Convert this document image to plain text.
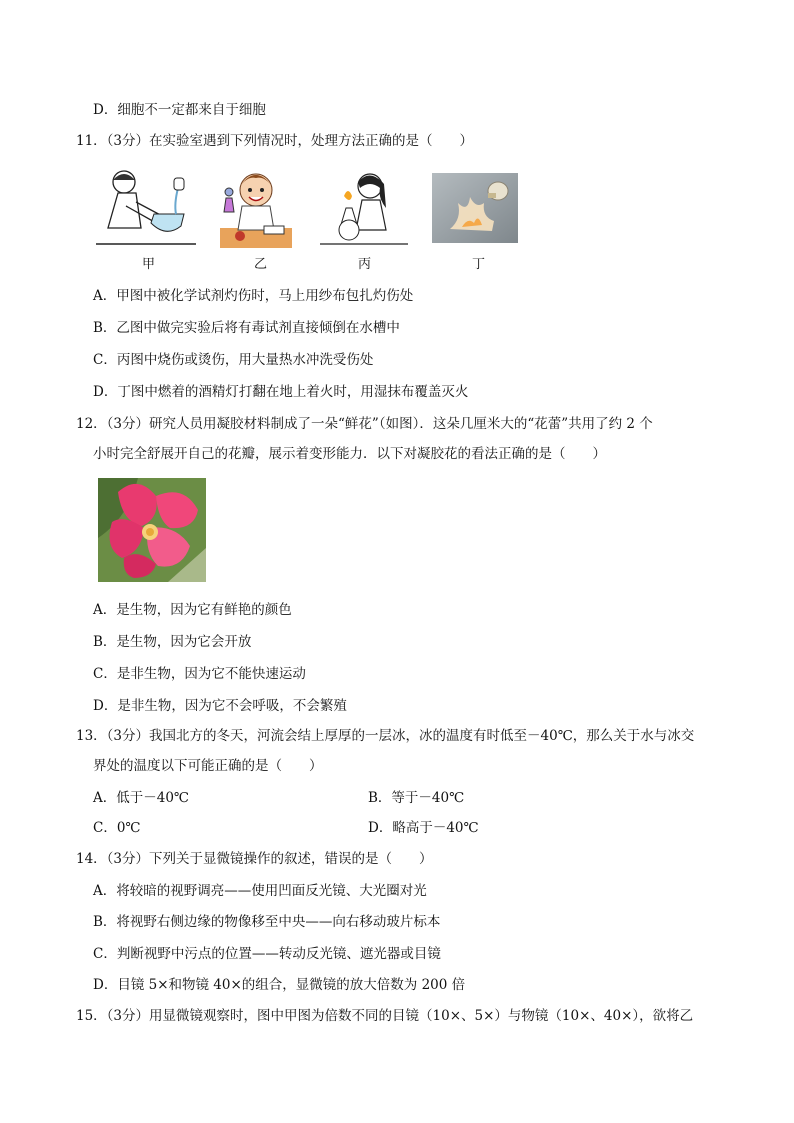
D．细胞不一定都来自于细胞
11．（3分）在实验室遇到下列情况时，处理方法正确的是（　　）
甲	乙	丙	丁
A．甲图中被化学试剂灼伤时，马上用纱布包扎灼伤处
B．乙图中做完实验后将有毒试剂直接倾倒在水槽中
C．丙图中烧伤或烫伤，用大量热水冲洗受伤处
D．丁图中燃着的酒精灯打翻在地上着火时，用湿抹布覆盖灭火
12．（3分）研究人员用凝胶材料制成了一朵“鲜花”（如图）．这朵几厘米大的“花蕾”共用了约 2 个
小时完全舒展开自己的花瓣，展示着变形能力．以下对凝胶花的看法正确的是（　　）
A．是生物，因为它有鲜艳的颜色
B．是生物，因为它会开放
C．是非生物，因为它不能快速运动
D．是非生物，因为它不会呼吸，不会繁殖
13．（3分）我国北方的冬天，河流会结上厚厚的一层冰，冰的温度有时低至－40℃，那么关于水与冰交
界处的温度以下可能正确的是（　　）
A．低于－40℃	B．等于－40℃
C．0℃	D．略高于－40℃
14．（3分）下列关于显微镜操作的叙述，错误的是（　　）
A．将较暗的视野调亮——使用凹面反光镜、大光圈对光
B．将视野右侧边缘的物像移至中央——向右移动玻片标本
C．判断视野中污点的位置——转动反光镜、遮光器或目镜
D．目镜 5×和物镜 40×的组合，显微镜的放大倍数为 200 倍
15．（3分）用显微镜观察时，图中甲图为倍数不同的目镜（10×、5×）与物镜（10×、40×），欲将乙
